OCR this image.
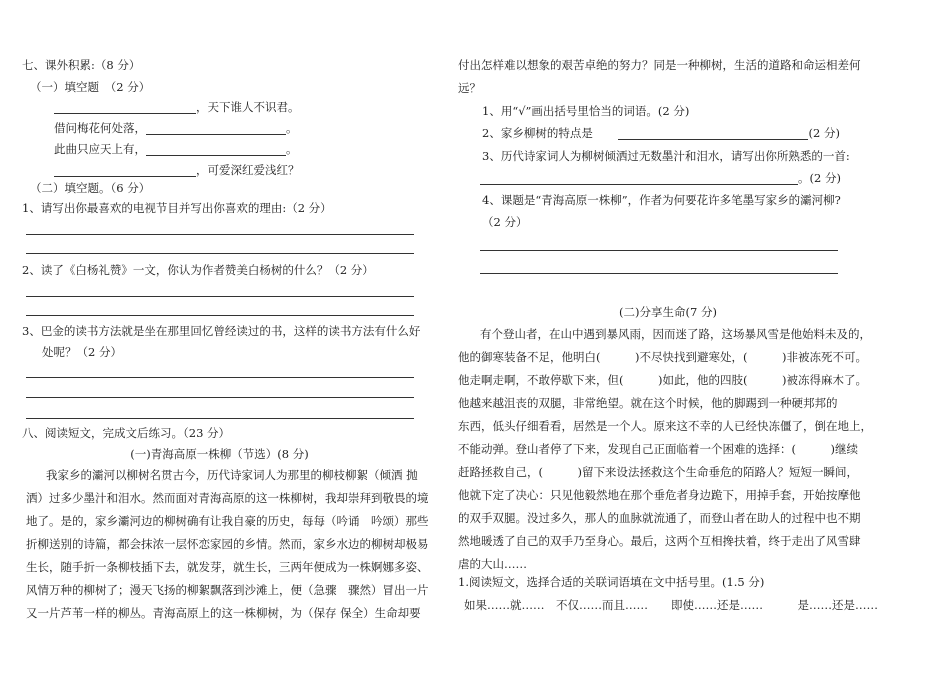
七、课外积累:（8 分）
（一）填空题　（2 分）
，天下谁人不识君。
借问梅花何处落，	。
此曲只应天上有，	。
，可爱深红爱浅红？
（二）填空题。（6 分）
1、请写出你最喜欢的电视节目并写出你喜欢的理由:（2 分）
2、读了《白杨礼赞》一文，你认为作者赞美白杨树的什么？（2 分）
3、巴金的读书方法就是坐在那里回忆曾经读过的书，这样的读书方法有什么好
处呢？（2 分）
八、阅读短文，完成文后练习。（23 分）
(一)青海高原一株柳（节选）(8 分)
我家乡的灞河以柳树名贯古今，历代诗家词人为那里的柳枝柳絮（倾洒 抛
洒）过多少墨汁和泪水。然而面对青海高原的这一株柳树，我却崇拜到敬畏的境
地了。是的，家乡灞河边的柳树确有让我自豪的历史，每每（吟诵　吟颂）那些
折柳送别的诗篇，都会抹浓一层怀恋家园的乡情。然而，家乡水边的柳树却极易
生长，随手折一条柳枝插下去，就发芽，就生长，三两年便成为一株婀娜多姿、
风情万种的柳树了；漫天飞扬的柳絮飘落到沙滩上，便（急骤　骤然）冒出一片
又一片芦苇一样的柳丛。青海高原上的这一株柳树，为（保存 保全）生命却要
付出怎样难以想象的艰苦卓绝的努力？同是一种柳树，生活的道路和命运相差何
远？
1、用“√”画出括号里恰当的词语。(2 分)
2、家乡柳树的特点是	(2 分)
3、历代诗家词人为柳树倾洒过无数墨汁和泪水，请写出你所熟悉的一首:
。(2 分)
4、课题是“青海高原一株柳”，作者为何要花许多笔墨写家乡的灞河柳?
（2 分）
(二)分享生命(7 分)
有个登山者，在山中遇到暴风雨，因而迷了路，这场暴风雪是他始料未及的，
他的御寒装备不足，他明白(　　　)不尽快找到避寒处，(　　　)非被冻死不可。
他走啊走啊，不敢停歇下来，但(　　　)如此，他的四肢(　　　)被冻得麻木了。
他越来越沮丧的双腿，非常绝望。就在这个时候，他的脚踢到一种硬邦邦的
东西，低头仔细看看，居然是一个人。原来这不幸的人已经快冻僵了，倒在地上，
不能动弹。登山者停了下来，发现自己正面临着一个困难的选择：(　　　)继续
赶路拯救自己，(　　　)留下来设法拯救这个生命垂危的陌路人？短短一瞬间，
他就下定了决心：只见他毅然地在那个垂危者身边跪下，用掉手套，开始按摩他
的双手双腿。没过多久，那人的血脉就流通了，而登山者在助人的过程中也不期
然地暖透了自己的双手乃至身心。最后，这两个互相搀扶着，终于走出了风雪肆
虐的大山……
1.阅读短文，选择合适的关联词语填在文中括号里。(1.5 分)
如果……就……　不仅……而且……　　即使……还是……　　　是……还是……
